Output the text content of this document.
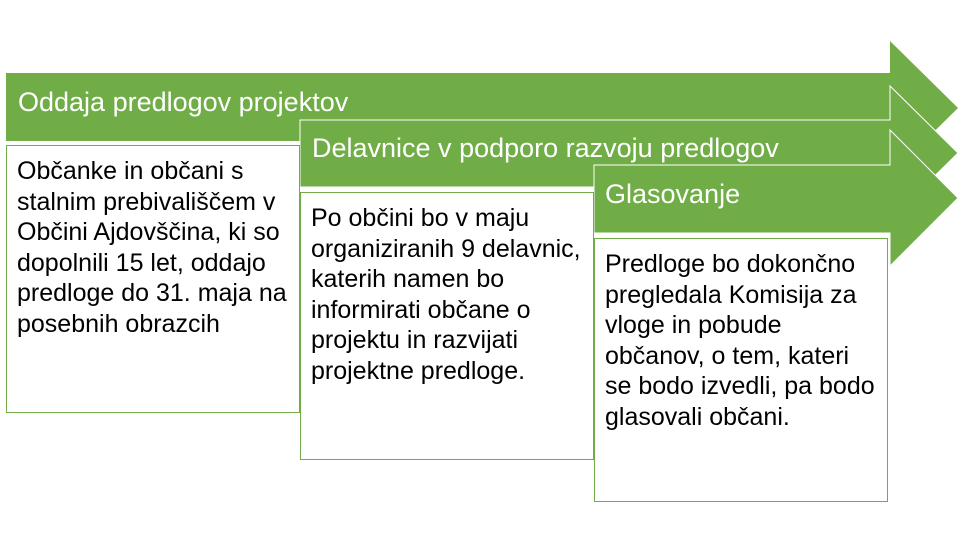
Oddaja predlogov projektov
Delavnice v podporo razvoju predlogov
Glasovanje
Občanke in občani s stalnim prebivališčem v Občini Ajdovščina, ki so dopolnili 15 let, oddajo predloge do 31. maja na posebnih obrazcih
Po občini bo v maju organiziranih 9 delavnic, katerih namen bo informirati občane o projektu in razvijati projektne predloge.
Predloge bo dokončno pregledala Komisija za vloge in pobude občanov, o tem, kateri se bodo izvedli, pa bodo glasovali občani.
